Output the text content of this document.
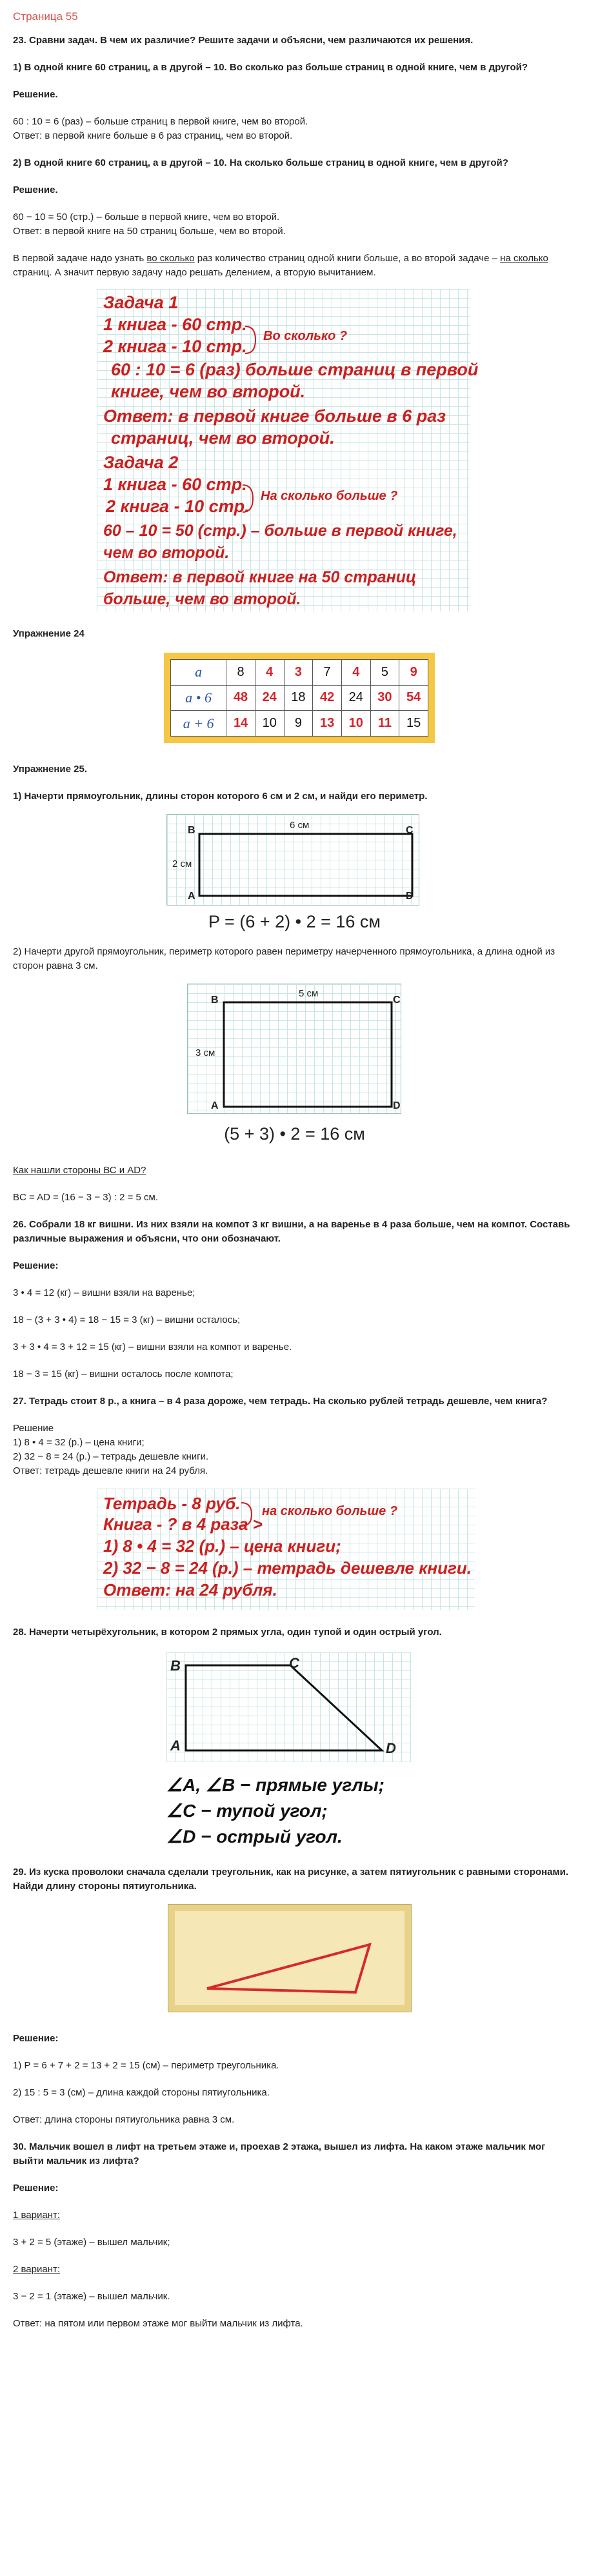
Страница 55

23. Сравни задач. В чем их различие? Решите задачи и объясни, чем различаются их решения.

1) В одной книге 60 страниц, а в другой – 10. Во сколько раз больше страниц в одной книге, чем в другой?

Решение.

60 : 10 = 6 (раз) – больше страниц в первой книге, чем во второй.

Ответ: в первой книге больше в 6 раз страниц, чем во второй.

2) В одной книге 60 страниц, а в другой – 10. На сколько больше страниц в одной книге, чем в другой?

Решение.

60 − 10 = 50 (стр.) – больше в первой книге, чем во второй.

Ответ: в первой книге на 50 страниц больше, чем во второй.

В первой задаче надо узнать во сколько раз количество страниц одной книги больше, а во второй задаче – на сколько страниц. А значит первую задачу надо решать делением, а вторую вычитанием.

Задача 1
1 книга - 60 стр.
2 книга - 10 стр.
Во сколько ?
60 : 10 = 6 (раз) больше страниц в первой
книге, чем во второй.
Ответ: в первой книге больше в 6 раз
страниц, чем во второй.
Задача 2
1 книга - 60 стр.
2 книга - 10 стр.
На сколько больше ?
60 – 10 = 50 (стр.) – больше в первой книге,
чем во второй.
Ответ: в первой книге на 50 страниц
больше, чем во второй.

Упражнение 24

a	8	4	3	7	4	5	9
a • 6	48	24	18	42	24	30	54
a + 6	14	10	9	13	10	11	15

Упражнение 25.

1) Начерти прямоугольник, длины сторон которого 6 см и 2 см, и найди его периметр.

6 см
2 см
B	C
A	D
P = (6 + 2) • 2 = 16 см

2) Начерти другой прямоугольник, периметр которого равен периметру начерченного прямоугольника, а длина одной из сторон равна 3 см.

5 см
3 см
B	C
A	D
(5 + 3) • 2 = 16 см

Как нашли стороны ВС и АD?

BC = AD = (16 − 3 − 3) : 2 = 5 см.

26. Собрали 18 кг вишни. Из них взяли на компот 3 кг вишни, а на варенье в 4 раза больше, чем на компот. Составь различные выражения и объясни, что они обозначают.

Решение:

3 • 4 = 12 (кг) – вишни взяли на варенье;

18 − (3 + 3 • 4) = 18 − 15 = 3 (кг) – вишни осталось;

3 + 3 • 4 = 3 + 12 = 15 (кг) – вишни взяли на компот и варенье.

18 − 3 = 15 (кг) – вишни осталось после компота;

27. Тетрадь стоит 8 р., а книга – в 4 раза дороже, чем тетрадь. На сколько рублей тетрадь дешевле, чем книга?

Решение

1) 8 • 4 = 32 (р.) – цена книги;

2) 32 − 8 = 24 (р.) – тетрадь дешевле книги.

Ответ: тетрадь дешевле книги на 24 рубля.

Тетрадь - 8 руб.
Книга - ? в 4 раза >
на сколько больше ?
1) 8 • 4 = 32 (р.) – цена книги;
2) 32 − 8 = 24 (р.) – тетрадь дешевле книги.
Ответ: на 24 рубля.

28. Начерти четырёхугольник, в котором 2 прямых угла, один тупой и один острый угол.

B	C
A	D
∠A, ∠B − прямые углы;
∠C − тупой угол;
∠D − острый угол.

29. Из куска проволоки сначала сделали треугольник, как на рисунке, а затем пятиугольник с равными сторонами. Найди длину стороны пятиугольника.

Решение:

1) P = 6 + 7 + 2 = 13 + 2 = 15 (см) – периметр треугольника.

2) 15 : 5 = 3 (см) – длина каждой стороны пятиугольника.

Ответ: длина стороны пятиугольника равна 3 см.

30. Мальчик вошел в лифт на третьем этаже и, проехав 2 этажа, вышел из лифта. На каком этаже мальчик мог выйти мальчик из лифта?

Решение:

1 вариант:

3 + 2 = 5 (этаже) – вышел мальчик;

2 вариант:

3 − 2 = 1 (этаже) – вышел мальчик.

Ответ: на пятом или первом этаже мог выйти мальчик из лифта.
